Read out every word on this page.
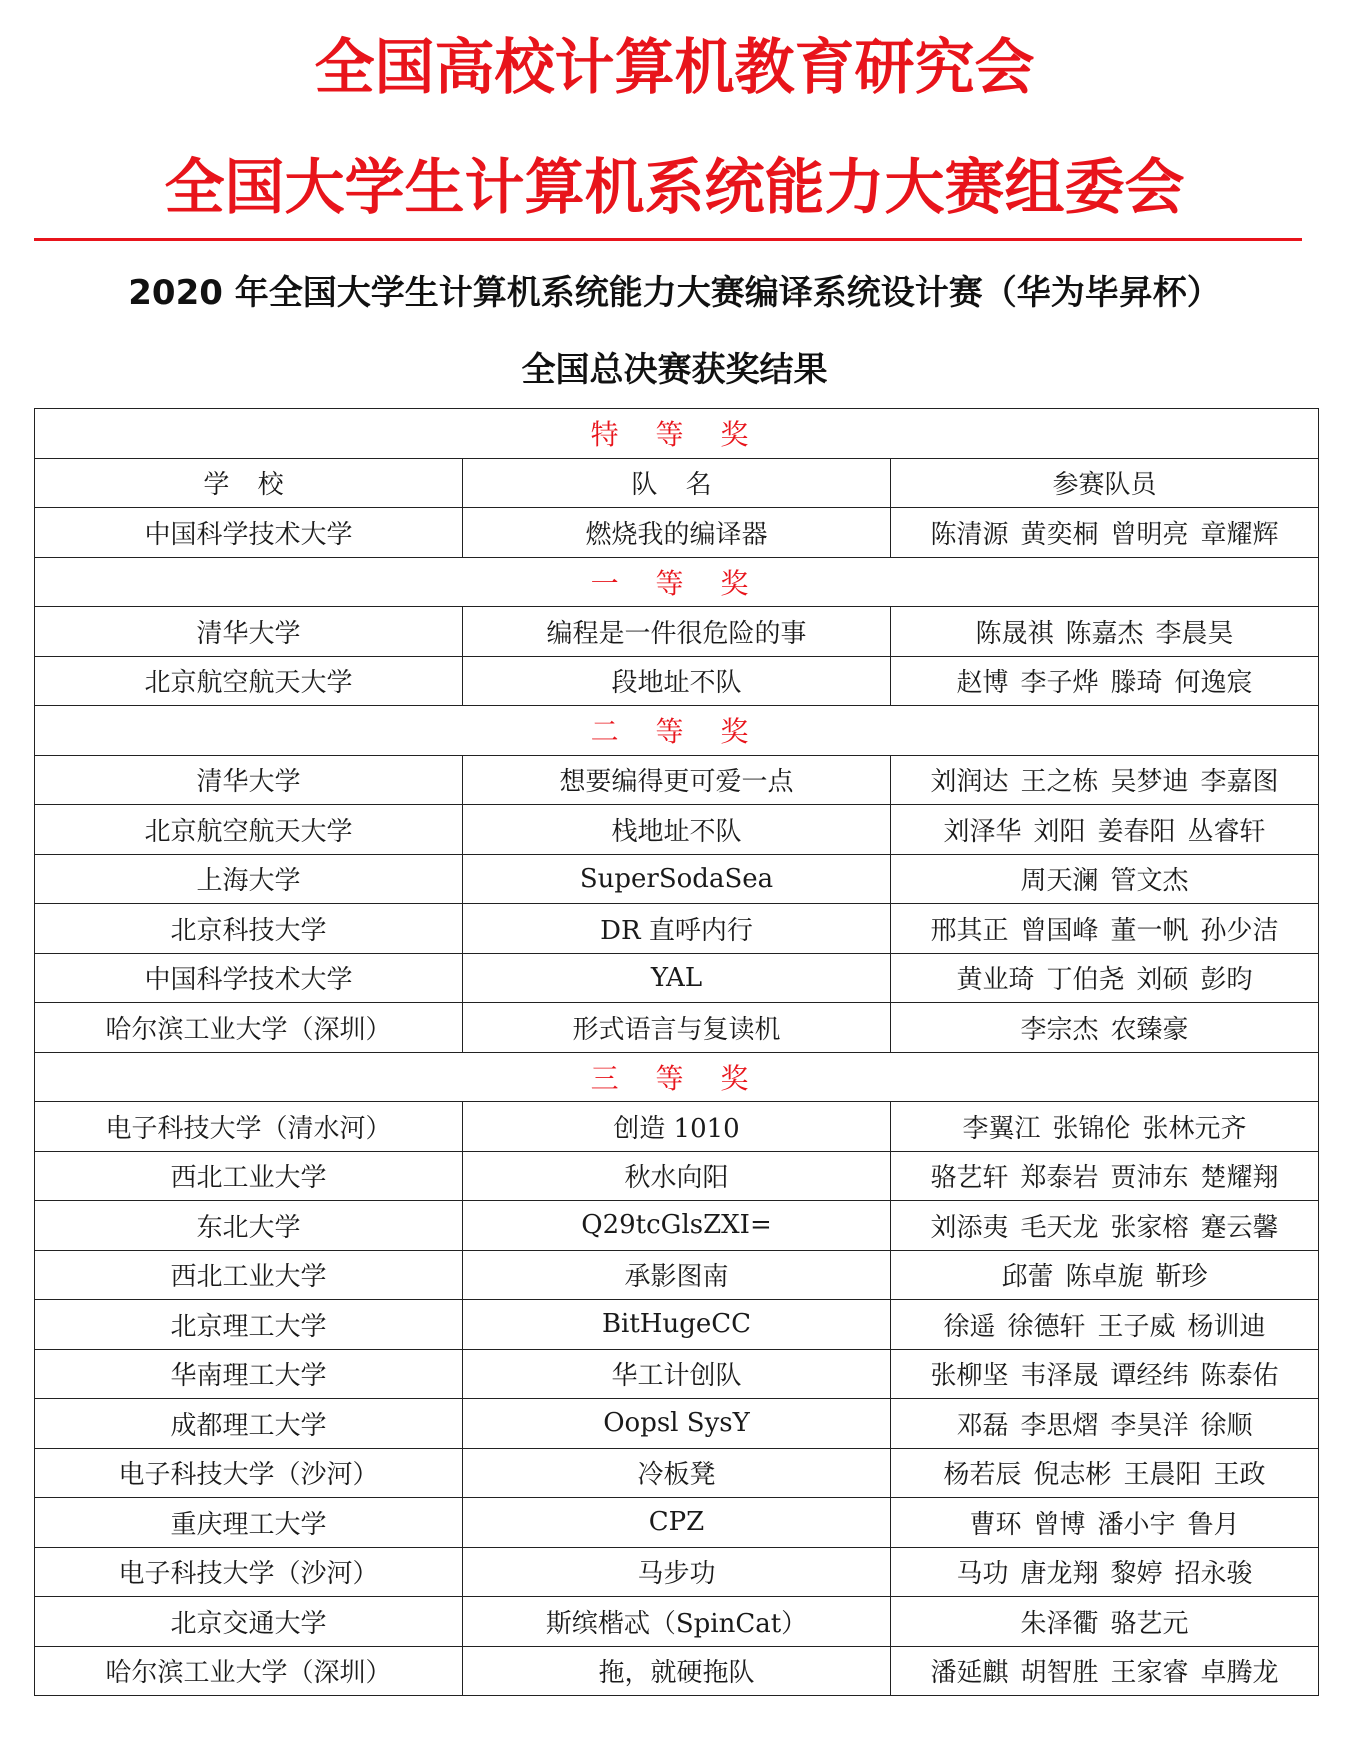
全国高校计算机教育研究会
全国大学生计算机系统能力大赛组委会
2020 年全国大学生计算机系统能力大赛编译系统设计赛（华为毕昇杯）
全国总决赛获奖结果
特 等 奖		
学 校	队 名	参赛队员
中国科学技术大学	燃烧我的编译器	陈清源 黄奕桐 曾明亮 章耀辉
一 等 奖		
清华大学	编程是一件很危险的事	陈晟祺 陈嘉杰 李晨昊
北京航空航天大学	段地址不队	赵博 李子烨 滕琦 何逸宸
二 等 奖		
清华大学	想要编得更可爱一点	刘润达 王之栋 吴梦迪 李嘉图
北京航空航天大学	栈地址不队	刘泽华 刘阳 姜春阳 丛睿轩
上海大学	SuperSodaSea	周天澜 管文杰
北京科技大学	DR 直呼内行	邢其正 曾国峰 董一帆 孙少洁
中国科学技术大学	YAL	黄业琦 丁伯尧 刘硕 彭昀
哈尔滨工业大学（深圳）	形式语言与复读机	李宗杰 农臻豪
三 等 奖		
电子科技大学（清水河）	创造 1010	李翼江 张锦伦 张林元齐
西北工业大学	秋水向阳	骆艺轩 郑泰岩 贾沛东 楚耀翔
东北大学	Q29tcGlsZXI=	刘添夷 毛天龙 张家榕 蹇云馨
西北工业大学	承影图南	邱蕾 陈卓旎 靳珍
北京理工大学	BitHugeCC	徐遥 徐德轩 王子威 杨训迪
华南理工大学	华工计创队	张柳坚 韦泽晟 谭经纬 陈泰佑
成都理工大学	Oopsl SysY	邓磊 李思熠 李昊洋 徐顺
电子科技大学（沙河）	冷板凳	杨若辰 倪志彬 王晨阳 王政
重庆理工大学	CPZ	曹环 曾博 潘小宇 鲁月
电子科技大学（沙河）	马步功	马功 唐龙翔 黎婷 招永骏
北京交通大学	斯缤楷忒（SpinCat）	朱泽衢 骆艺元
哈尔滨工业大学（深圳）	拖，就硬拖队	潘延麒 胡智胜 王家睿 卓腾龙
